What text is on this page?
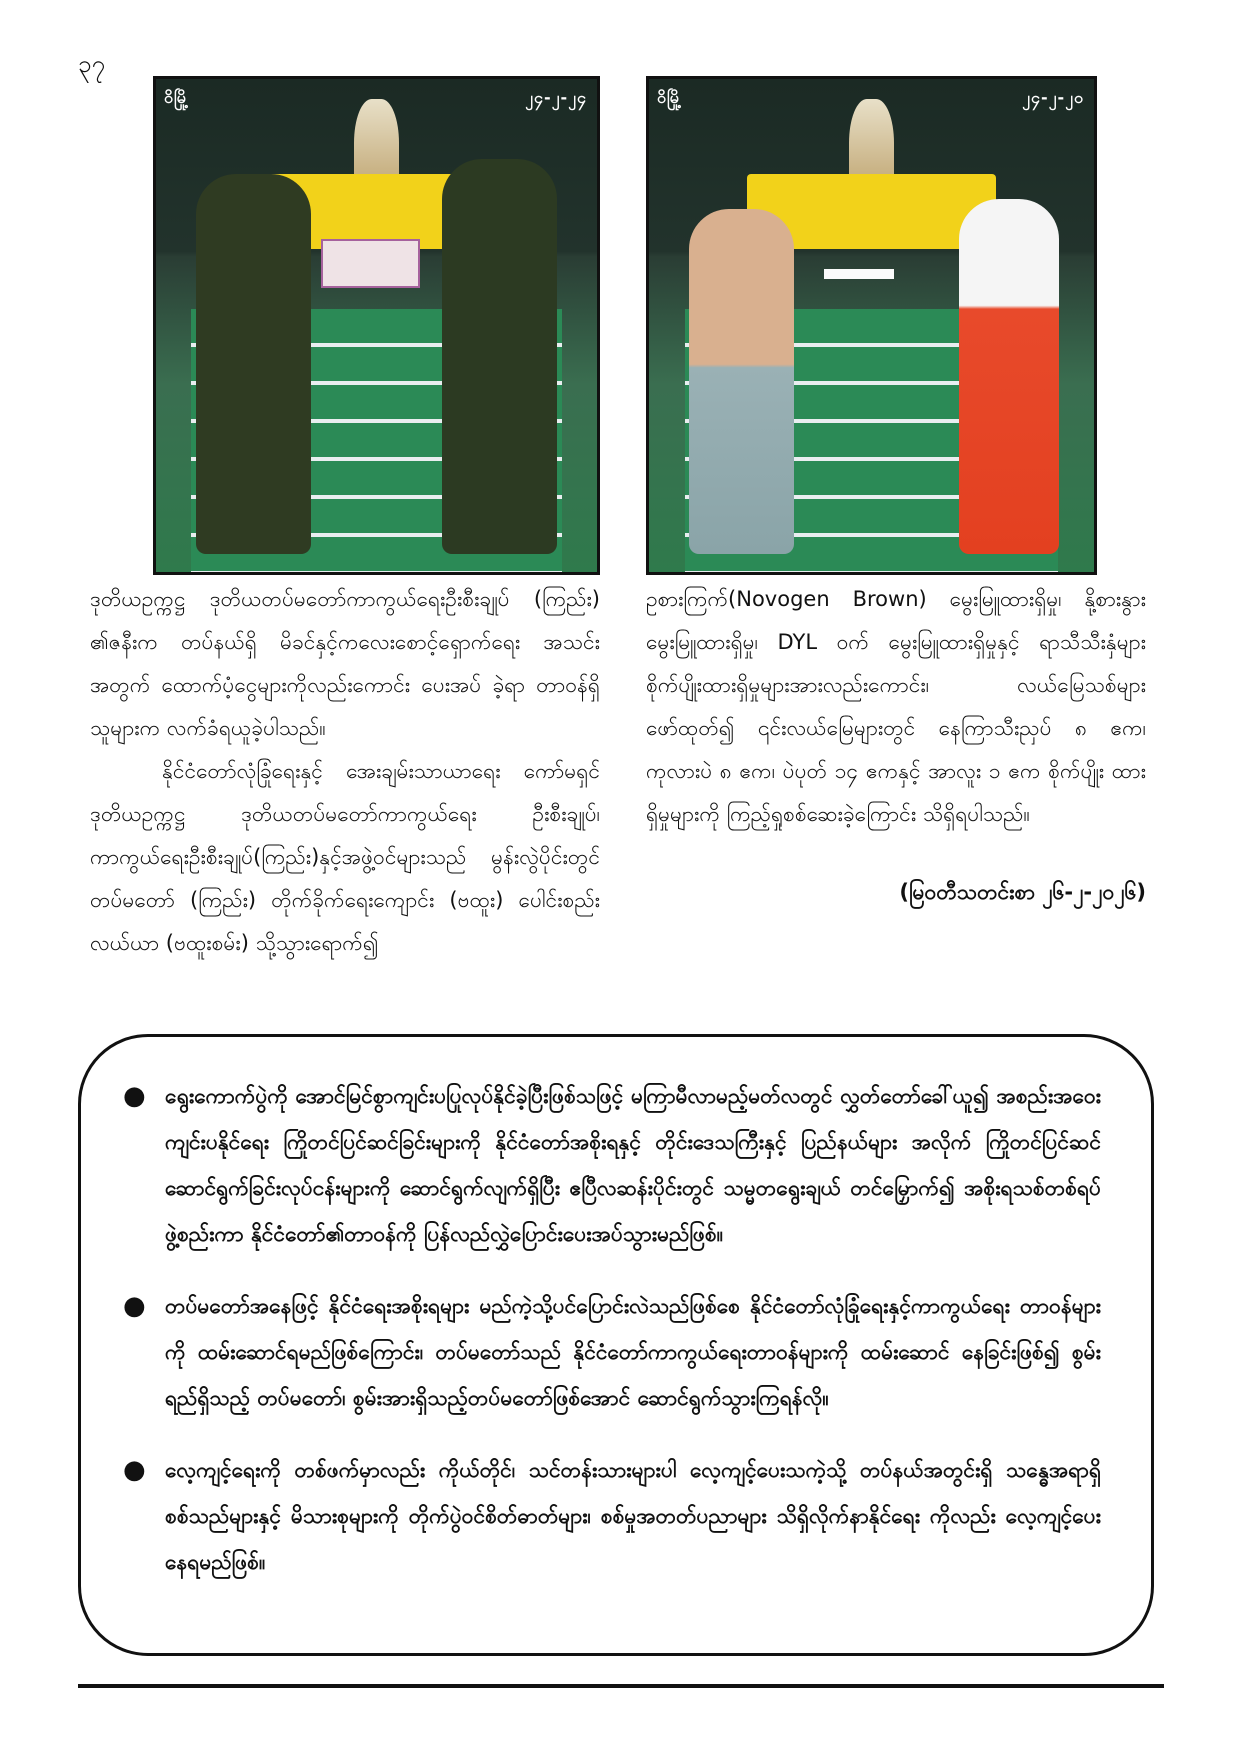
၃၇
ဝိမြို့	၂၄-၂-၂၄	ဝိမြို့	၂၄-၂-၂၀

ဒုတိယဥက္ကဋ္ဌ ဒုတိယတပ်မတော်ကာကွယ်ရေးဦးစီးချုပ် (ကြည်း) ၏ဇနီးက တပ်နယ်ရှိ မိခင်နှင့်ကလေးစောင့်ရှောက်ရေး အသင်းအတွက် ထောက်ပံ့ငွေများကိုလည်းကောင်း ပေးအပ် ခဲ့ရာ တာဝန်ရှိသူများက လက်ခံရယူခဲ့ပါသည်။

နိုင်ငံတော်လုံခြုံရေးနှင့် အေးချမ်းသာယာရေး ကော်မရှင်ဒုတိယဥက္ကဋ္ဌ ဒုတိယတပ်မတော်ကာကွယ်ရေး ဦးစီးချုပ်၊ ကာကွယ်ရေးဦးစီးချုပ်(ကြည်း)နှင့်အဖွဲ့ဝင်များသည် မွန်းလွဲပိုင်းတွင် တပ်မတော် (ကြည်း) တိုက်ခိုက်ရေးကျောင်း (ဗထူး) ပေါင်းစည်းလယ်ယာ (ဗထူးစမ်း) သို့သွားရောက်၍

ဥစားကြက်(Novogen Brown) မွေးမြူထားရှိမှု၊ နို့စားနွား မွေးမြူထားရှိမှု၊ DYL ဝက် မွေးမြူထားရှိမှုနှင့် ရာသီသီးနှံများ စိုက်ပျိုးထားရှိမှုများအားလည်းကောင်း၊ လယ်မြေသစ်များ ဖော်ထုတ်၍ ၎င်းလယ်မြေများတွင် နေကြာသီးညှပ် ၈ ဧက၊ ကုလားပဲ ၈ ဧက၊ ပဲပုတ် ၁၄ ဧကနှင့် အာလူး ၁ ဧက စိုက်ပျိုး ထားရှိမှုများကို ကြည့်ရှုစစ်ဆေးခဲ့ကြောင်း သိရှိရပါသည်။

(မြဝတီသတင်းစာ ၂၆-၂-၂၀၂၆)
● ရွေးကောက်ပွဲကို အောင်မြင်စွာကျင်းပပြုလုပ်နိုင်ခဲ့ပြီးဖြစ်သဖြင့် မကြာမီလာမည့်မတ်လတွင် လွှတ်တော်ခေါ်ယူ၍ အစည်းအဝေးကျင်းပနိုင်ရေး ကြိုတင်ပြင်ဆင်ခြင်းများကို နိုင်ငံတော်အစိုးရနှင့် တိုင်းဒေသကြီးနှင့် ပြည်နယ်များ အလိုက် ကြိုတင်ပြင်ဆင်ဆောင်ရွက်ခြင်းလုပ်ငန်းများကို ဆောင်ရွက်လျက်ရှိပြီး ဧပြီလဆန်းပိုင်းတွင် သမ္မတရွေးချယ် တင်မြှောက်၍ အစိုးရသစ်တစ်ရပ်ဖွဲ့စည်းကာ နိုင်ငံတော်၏တာဝန်ကို ပြန်လည်လွှဲပြောင်းပေးအပ်သွားမည်ဖြစ်။
● တပ်မတော်အနေဖြင့် နိုင်ငံရေးအစိုးရများ မည်ကဲ့သို့ပင်ပြောင်းလဲသည်ဖြစ်စေ နိုင်ငံတော်လုံခြုံရေးနှင့်ကာကွယ်ရေး တာဝန်များကို ထမ်းဆောင်ရမည်ဖြစ်ကြောင်း၊ တပ်မတော်သည် နိုင်ငံတော်ကာကွယ်ရေးတာဝန်များကို ထမ်းဆောင် နေခြင်းဖြစ်၍ စွမ်းရည်ရှိသည့် တပ်မတော်၊ စွမ်းအားရှိသည့်တပ်မတော်ဖြစ်အောင် ဆောင်ရွက်သွားကြရန်လို။
● လေ့ကျင့်ရေးကို တစ်ဖက်မှာလည်း ကိုယ်တိုင်၊ သင်တန်းသားများပါ လေ့ကျင့်ပေးသကဲ့သို့ တပ်နယ်အတွင်းရှိ သန္ဓေအရာရှိ စစ်သည်များနှင့် မိသားစုများကို တိုက်ပွဲဝင်စိတ်ဓာတ်များ၊ စစ်မှုအတတ်ပညာများ သိရှိလိုက်နာနိုင်ရေး ကိုလည်း လေ့ကျင့်ပေးနေရမည်ဖြစ်။
